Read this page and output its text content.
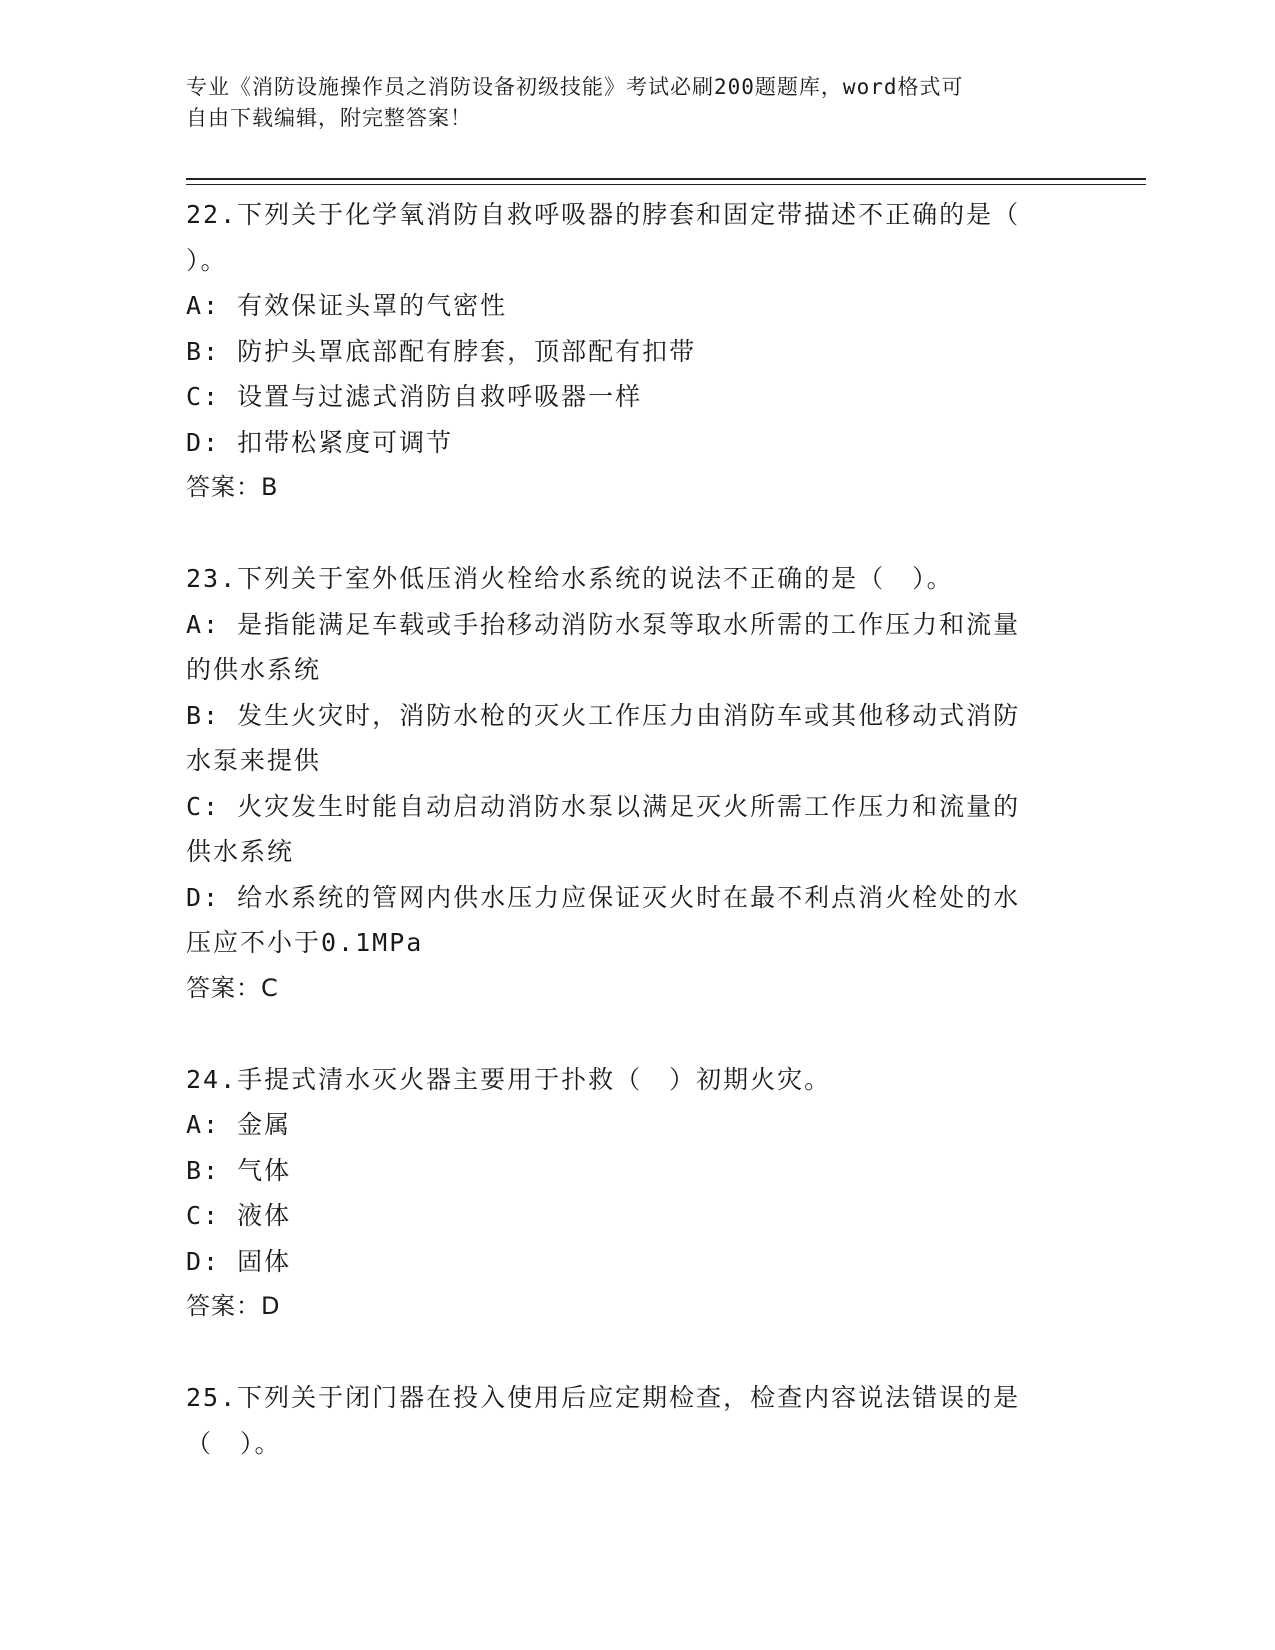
专业《消防设施操作员之消防设备初级技能》考试必刷200题题库，word格式可
自由下载编辑，附完整答案！
22.下列关于化学氧消防自救呼吸器的脖套和固定带描述不正确的是（
）。
A: 有效保证头罩的气密性
B: 防护头罩底部配有脖套，顶部配有扣带
C: 设置与过滤式消防自救呼吸器一样
D: 扣带松紧度可调节
答案：B
23.下列关于室外低压消火栓给水系统的说法不正确的是（　）。
A: 是指能满足车载或手抬移动消防水泵等取水所需的工作压力和流量
的供水系统
B: 发生火灾时，消防水枪的灭火工作压力由消防车或其他移动式消防
水泵来提供
C: 火灾发生时能自动启动消防水泵以满足灭火所需工作压力和流量的
供水系统
D: 给水系统的管网内供水压力应保证灭火时在最不利点消火栓处的水
压应不小于0.1MPa
答案：C
24.手提式清水灭火器主要用于扑救（　）初期火灾。
A: 金属
B: 气体
C: 液体
D: 固体
答案：D
25.下列关于闭门器在投入使用后应定期检查，检查内容说法错误的是
（　）。
